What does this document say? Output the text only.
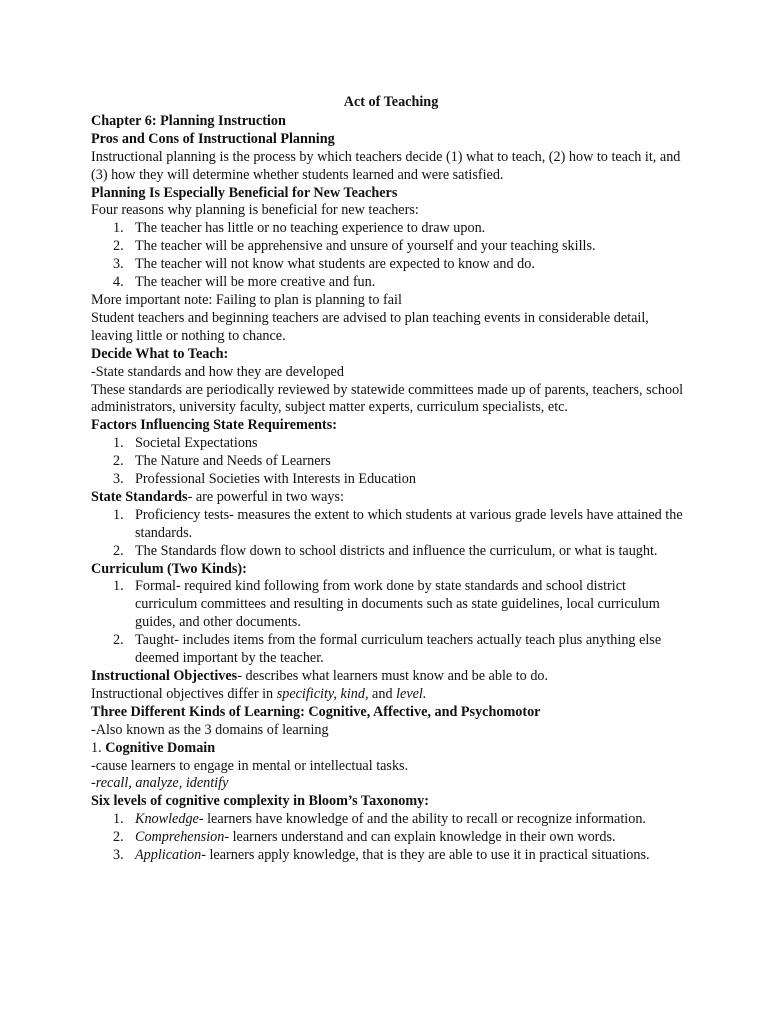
Act of Teaching
Chapter 6: Planning Instruction
Pros and Cons of Instructional Planning
Instructional planning is the process by which teachers decide (1) what to teach, (2) how to teach it, and (3) how they will determine whether students learned and were satisfied.
Planning Is Especially Beneficial for New Teachers
Four reasons why planning is beneficial for new teachers:
1. The teacher has little or no teaching experience to draw upon.
2. The teacher will be apprehensive and unsure of yourself and your teaching skills.
3. The teacher will not know what students are expected to know and do.
4. The teacher will be more creative and fun.
More important note: Failing to plan is planning to fail
Student teachers and beginning teachers are advised to plan teaching events in considerable detail, leaving little or nothing to chance.
Decide What to Teach:
-State standards and how they are developed
These standards are periodically reviewed by statewide committees made up of parents, teachers, school administrators, university faculty, subject matter experts, curriculum specialists, etc.
Factors Influencing State Requirements:
1. Societal Expectations
2. The Nature and Needs of Learners
3. Professional Societies with Interests in Education
State Standards- are powerful in two ways:
1. Proficiency tests- measures the extent to which students at various grade levels have attained the standards.
2. The Standards flow down to school districts and influence the curriculum, or what is taught.
Curriculum (Two Kinds):
1. Formal- required kind following from work done by state standards and school district curriculum committees and resulting in documents such as state guidelines, local curriculum guides, and other documents.
2. Taught- includes items from the formal curriculum teachers actually teach plus anything else deemed important by the teacher.
Instructional Objectives- describes what learners must know and be able to do.
Instructional objectives differ in specificity, kind, and level.
Three Different Kinds of Learning: Cognitive, Affective, and Psychomotor
-Also known as the 3 domains of learning
1. Cognitive Domain
-cause learners to engage in mental or intellectual tasks.
-recall, analyze, identify
Six levels of cognitive complexity in Bloom’s Taxonomy:
1. Knowledge- learners have knowledge of and the ability to recall or recognize information.
2. Comprehension- learners understand and can explain knowledge in their own words.
3. Application- learners apply knowledge, that is they are able to use it in practical situations.
